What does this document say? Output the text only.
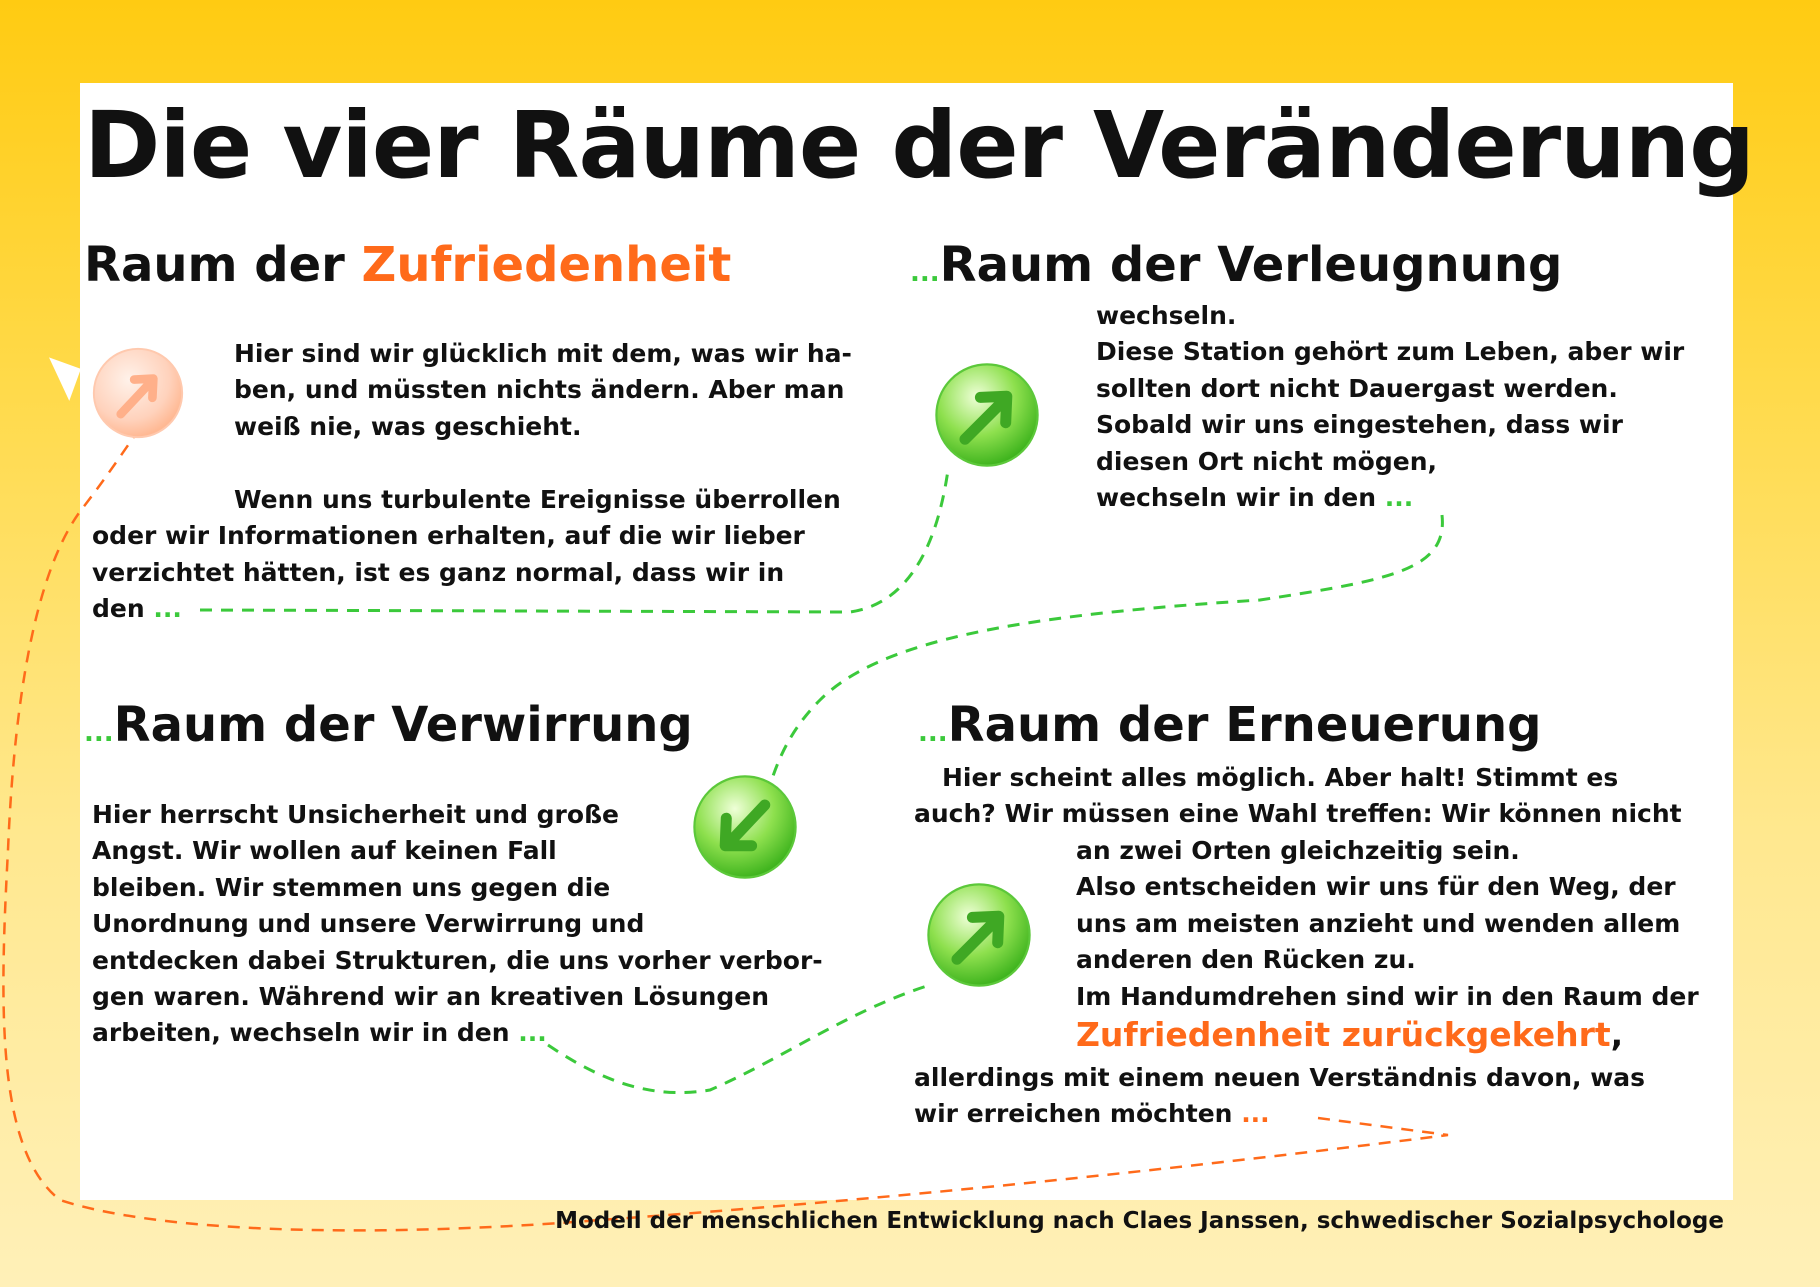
Die vier Räume der Veränderung
Raum der Zufriedenheit

Hier sind wir glücklich mit dem, was wir ha-
ben, und müssten nichts ändern. Aber man
weiß nie, was geschieht.

Wenn uns turbulente Ereignisse überrollen
oder wir Informationen erhalten, auf die wir lieber
verzichtet hätten, ist es ganz normal, dass wir in
den ...

...Raum der Verleugnung

wechseln.
Diese Station gehört zum Leben, aber wir
sollten dort nicht Dauergast werden.
Sobald wir uns eingestehen, dass wir
diesen Ort nicht mögen,
wechseln wir in den ...

...Raum der Verwirrung

Hier herrscht Unsicherheit und große
Angst. Wir wollen auf keinen Fall
bleiben. Wir stemmen uns gegen die
Unordnung und unsere Verwirrung und
entdecken dabei Strukturen, die uns vorher verbor-
gen waren. Während wir an kreativen Lösungen
arbeiten, wechseln wir in den ...

...Raum der Erneuerung

Hier scheint alles möglich. Aber halt! Stimmt es
auch? Wir müssen eine Wahl treffen: Wir können nicht

an zwei Orten gleichzeitig sein.
Also entscheiden wir uns für den Weg, der
uns am meisten anzieht und wenden allem
anderen den Rücken zu.
Im Handumdrehen sind wir in den Raum der

Zufriedenheit zurückgekehrt,

allerdings mit einem neuen Verständnis davon, was
wir erreichen möchten ...

Modell der menschlichen Entwicklung nach Claes Janssen, schwedischer Sozialpsychologe
